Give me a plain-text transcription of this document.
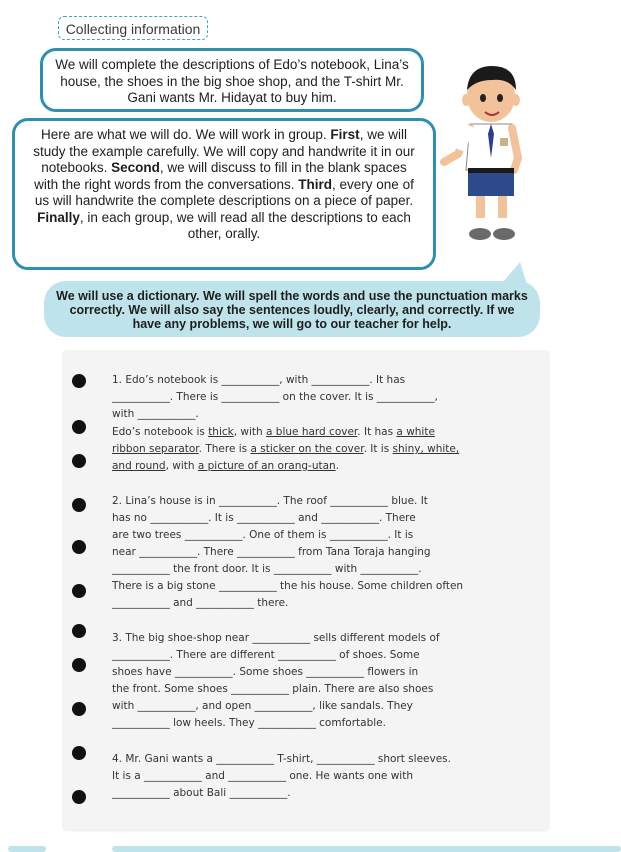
Collecting information
We will complete the descriptions of Edo’s notebook, Lina’s house, the shoes in the big shoe shop, and the T-shirt Mr. Gani wants Mr. Hidayat to buy him.
Here are what we will do. We will work in group. First, we will study the example carefully. We will copy and handwrite it in our notebooks. Second, we will discuss to fill in the blank spaces with the right words from the conversations. Third, every one of us will handwrite the complete descriptions on a piece of paper. Finally, in each group, we will read all the descriptions to each other, orally.
We will use a dictionary. We will spell the words and use the punctuation marks correctly. We will also say the sentences loudly, clearly, and correctly. If we have any problems, we will go to our teacher for help.
1. Edo’s notebook is ___________, with ___________. It has
___________. There is ___________ on the cover. It is ___________,
with ___________.
Edo’s notebook is thick, with a blue hard cover. It has a white
ribbon separator. There is a sticker on the cover. It is shiny, white,
and round, with a picture of an orang-utan.
2. Lina’s house is in ___________. The roof ___________ blue. It
has no ___________. It is ___________ and ___________. There
are two trees ___________. One of them is ___________. It is
near ___________. There ___________ from Tana Toraja hanging
___________ the front door. It is ___________ with ___________.
There is a big stone ___________ the his house. Some children often
___________ and ___________ there.
3. The big shoe-shop near ___________ sells different models of
___________. There are different ___________ of shoes. Some
shoes have ___________. Some shoes ___________ flowers in
the front. Some shoes ___________ plain. There are also shoes
with ___________, and open ___________, like sandals. They
___________ low heels. They ___________ comfortable.
4. Mr. Gani wants a ___________ T-shirt, ___________ short sleeves.
It is a ___________ and ___________ one. He wants one with
___________ about Bali ___________.
